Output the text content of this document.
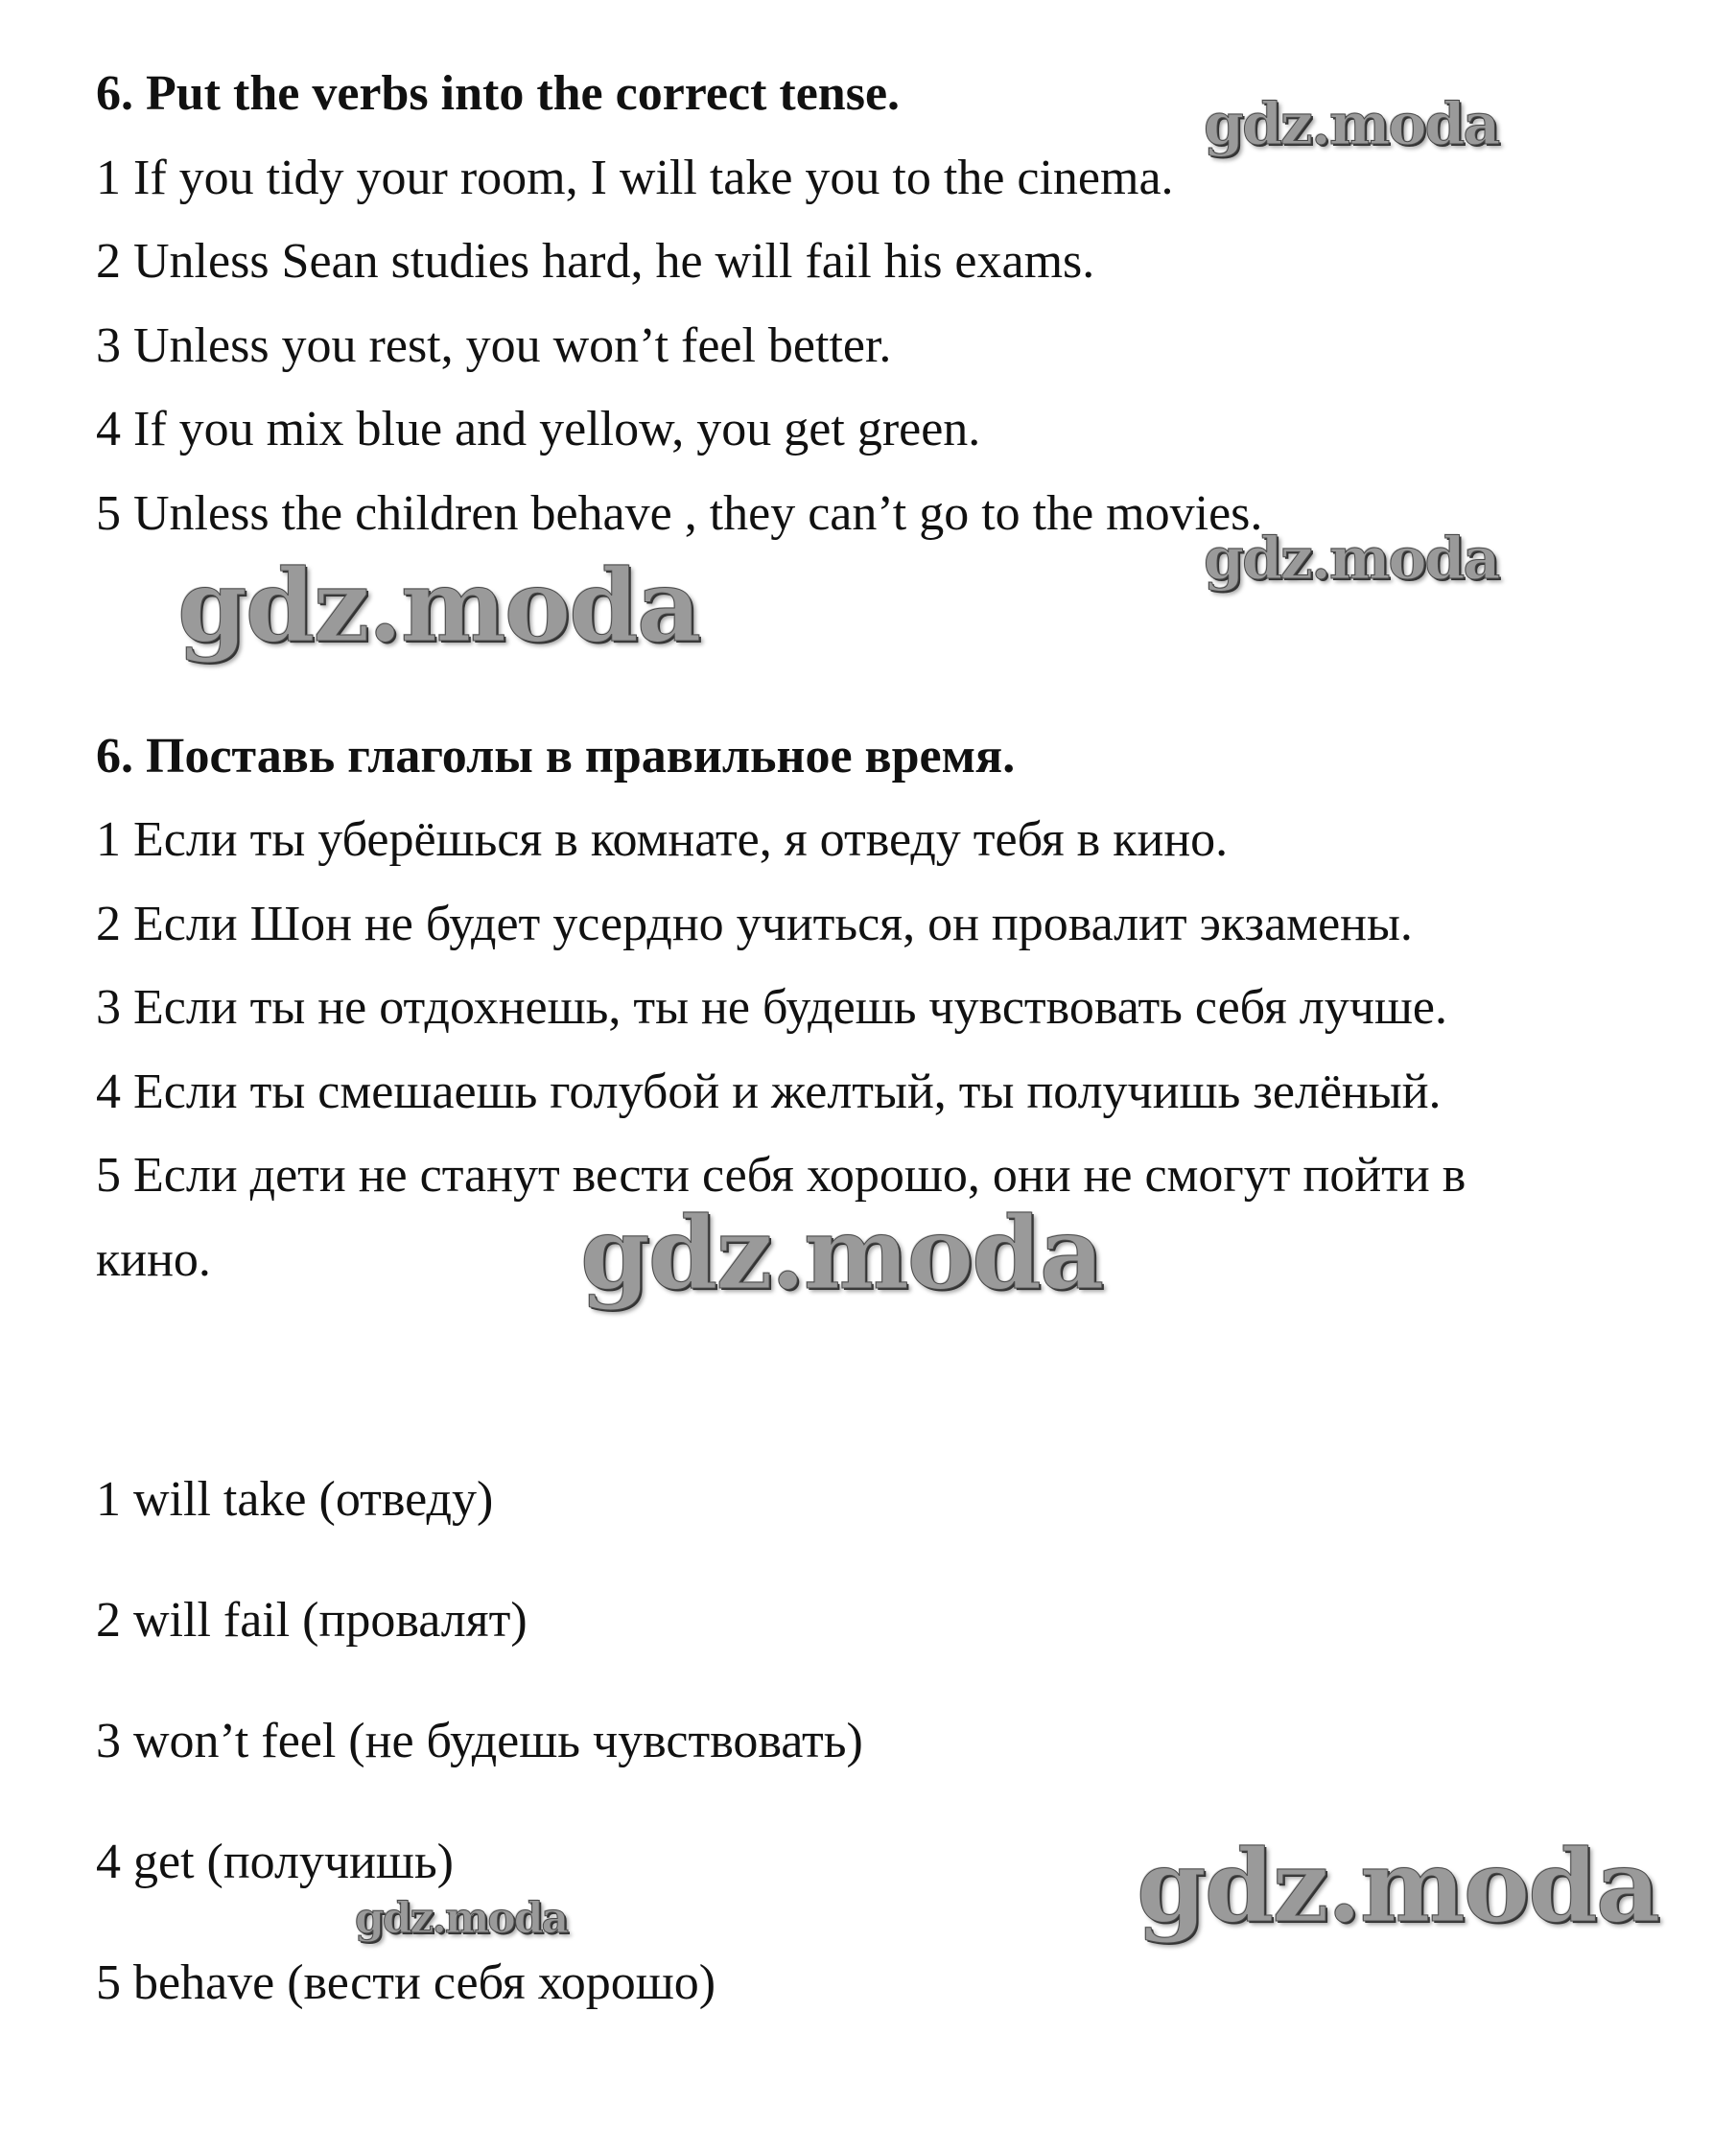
6. Put the verbs into the correct tense.
1 If you tidy your room, I will take you to the cinema.
2 Unless Sean studies hard, he will fail his exams.
3 Unless you rest, you won’t feel better.
4 If you mix blue and yellow, you get green.
5 Unless the children behave , they can’t go to the movies.
6. Поставь глаголы в правильное время.
1 Если ты уберёшься в комнате, я отведу тебя в кино.
2 Если Шон не будет усердно учиться, он провалит экзамены.
3 Если ты не отдохнешь, ты не будешь чувствовать себя лучше.
4 Если ты смешаешь голубой и желтый, ты получишь зелёный.
5 Если дети не станут вести себя хорошо, они не смогут пойти в
кино.
1 will take (отведу)
2 will fail (провалят)
3 won’t feel (не будешь чувствовать)
4 get (получишь)
5 behave (вести себя хорошо)
gdz.moda
gdz.moda
gdz.moda
gdz.moda
gdz.moda
gdz.moda
